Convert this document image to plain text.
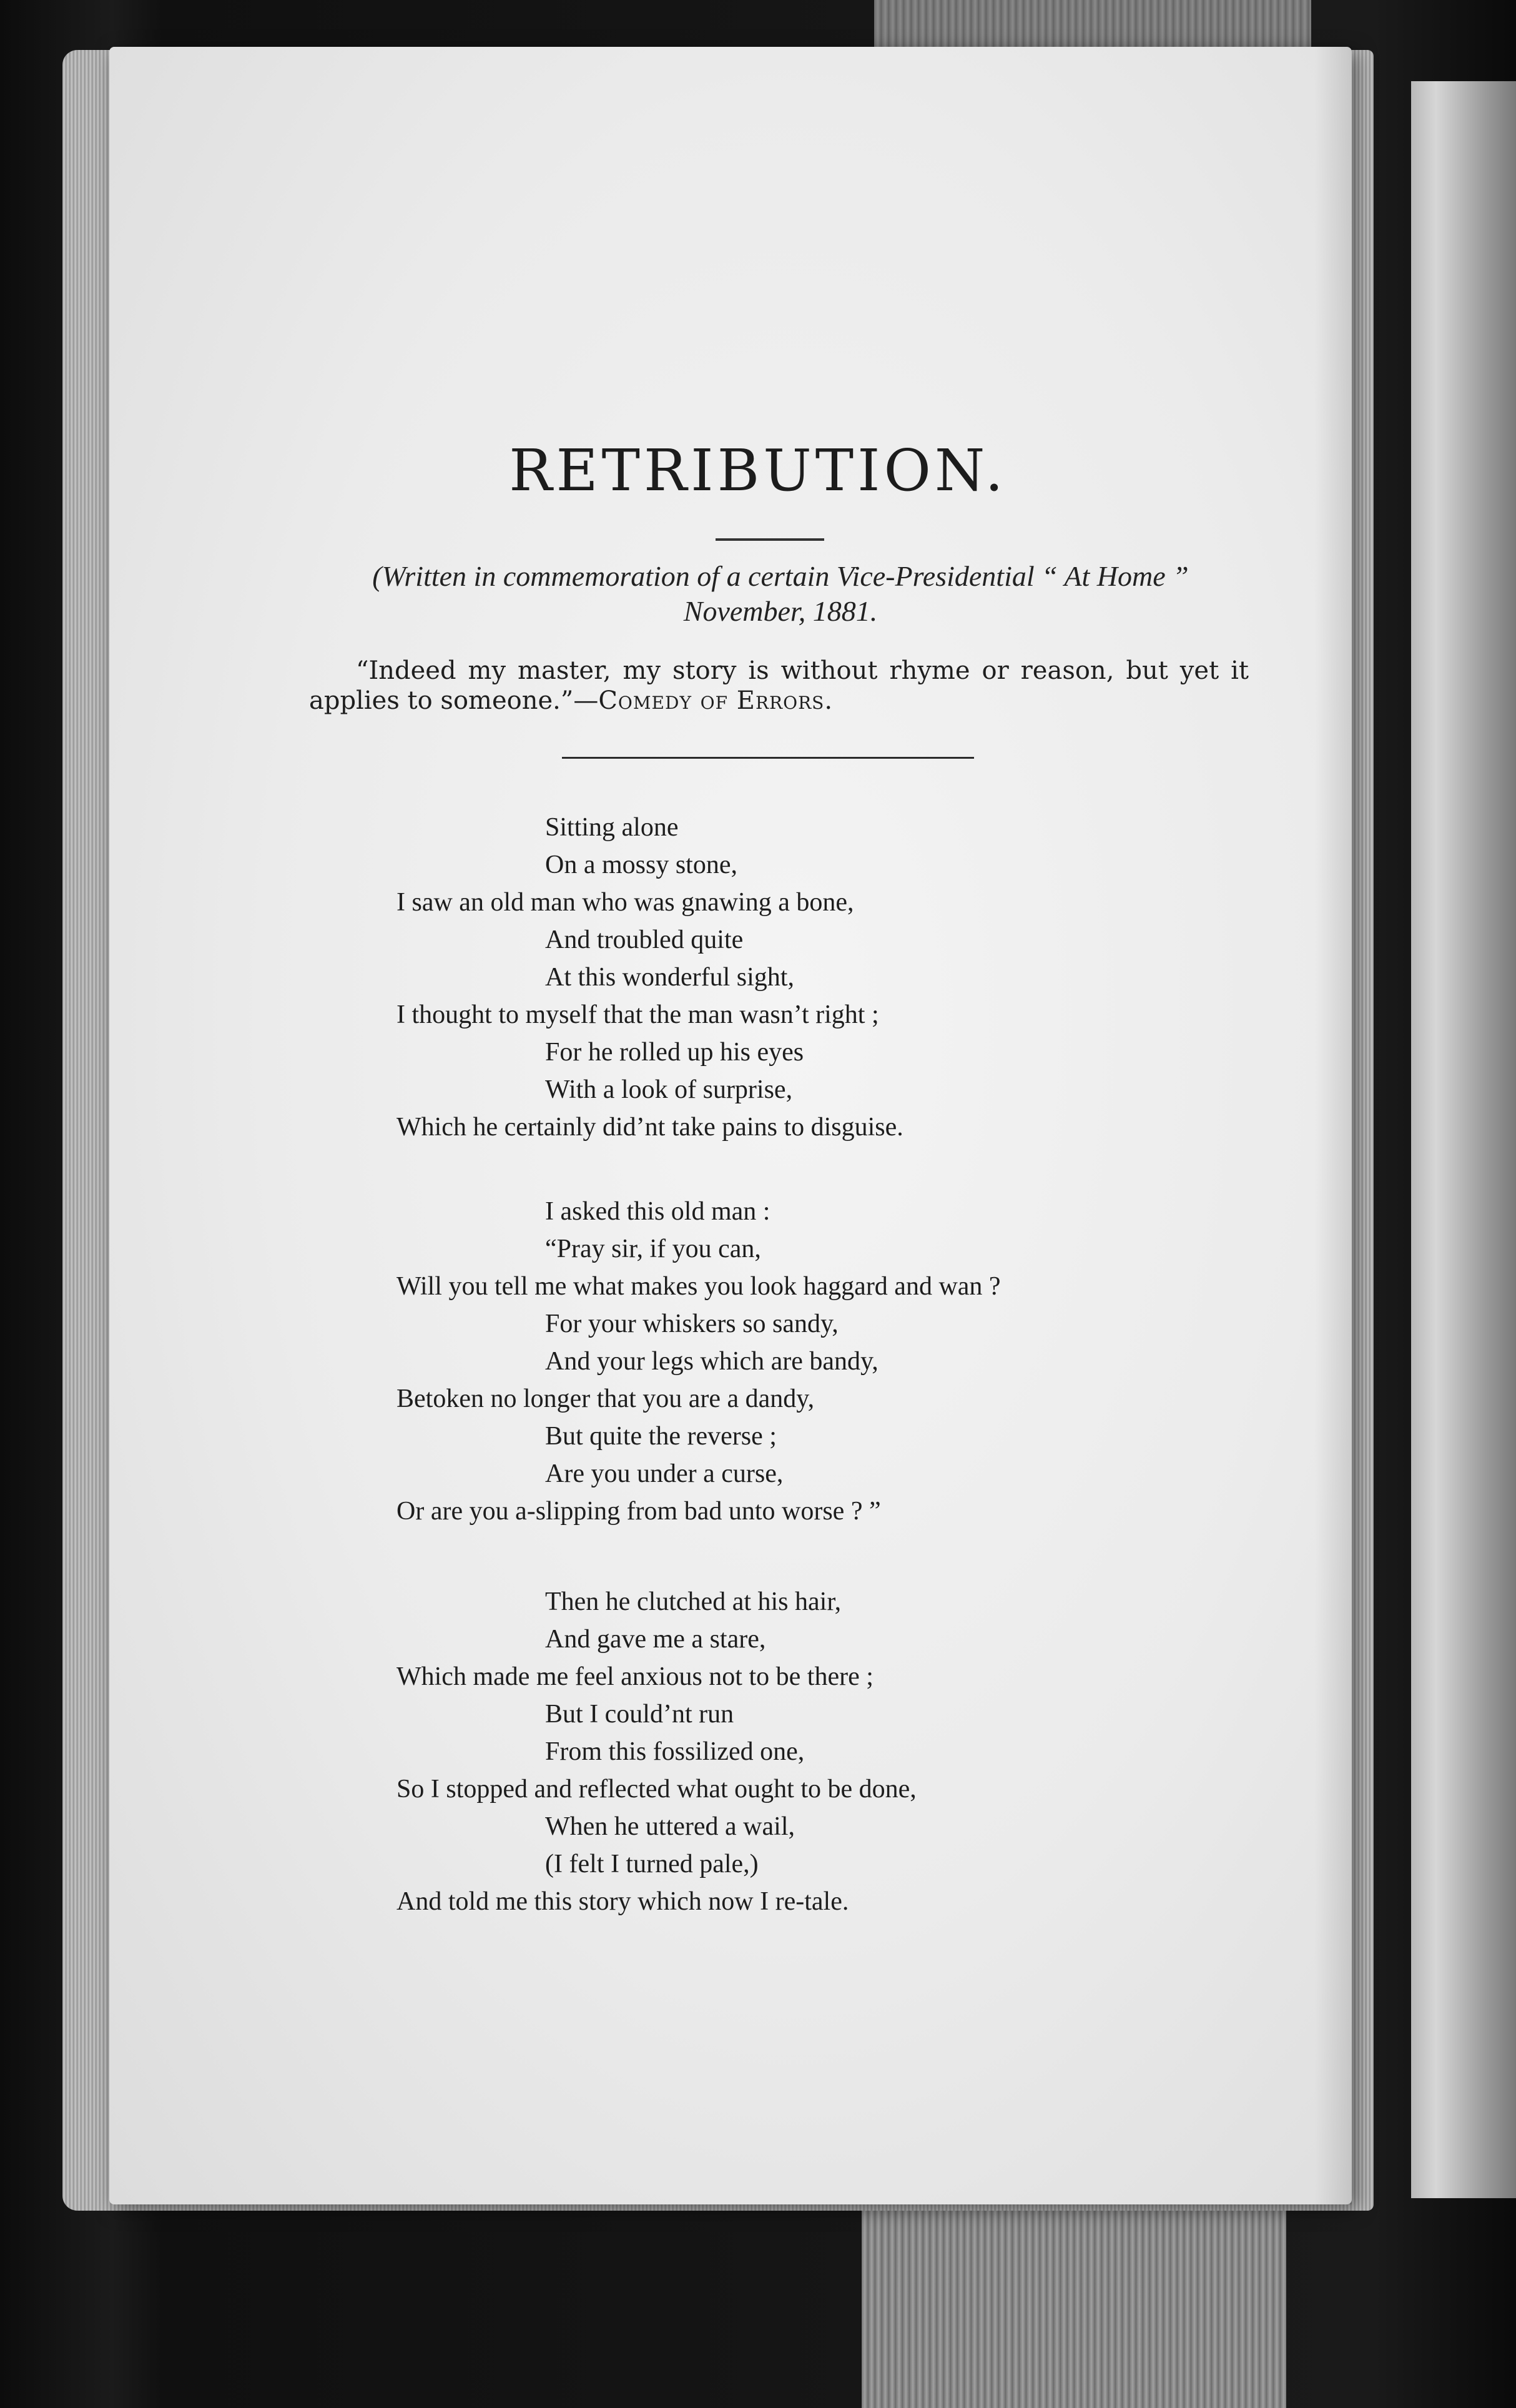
RETRIBUTION.
(Written in commemoration of a certain Vice-Presidential “ At Home ”
November, 1881.
“Indeed my master, my story is without rhyme or reason, but yet it applies to someone.”—Comedy of Errors.
Sitting alone
On a mossy stone,
I saw an old man who was gnawing a bone,
And troubled quite
At this wonderful sight,
I thought to myself that the man wasn’t right ;
For he rolled up his eyes
With a look of surprise,
Which he certainly did’nt take pains to disguise.
I asked this old man :
“Pray sir, if you can,
Will you tell me what makes you look haggard and wan ?
For your whiskers so sandy,
And your legs which are bandy,
Betoken no longer that you are a dandy,
But quite the reverse ;
Are you under a curse,
Or are you a-slipping from bad unto worse ? ”
Then he clutched at his hair,
And gave me a stare,
Which made me feel anxious not to be there ;
But I could’nt run
From this fossilized one,
So I stopped and reflected what ought to be done,
When he uttered a wail,
(I felt I turned pale,)
And told me this story which now I re-tale.
